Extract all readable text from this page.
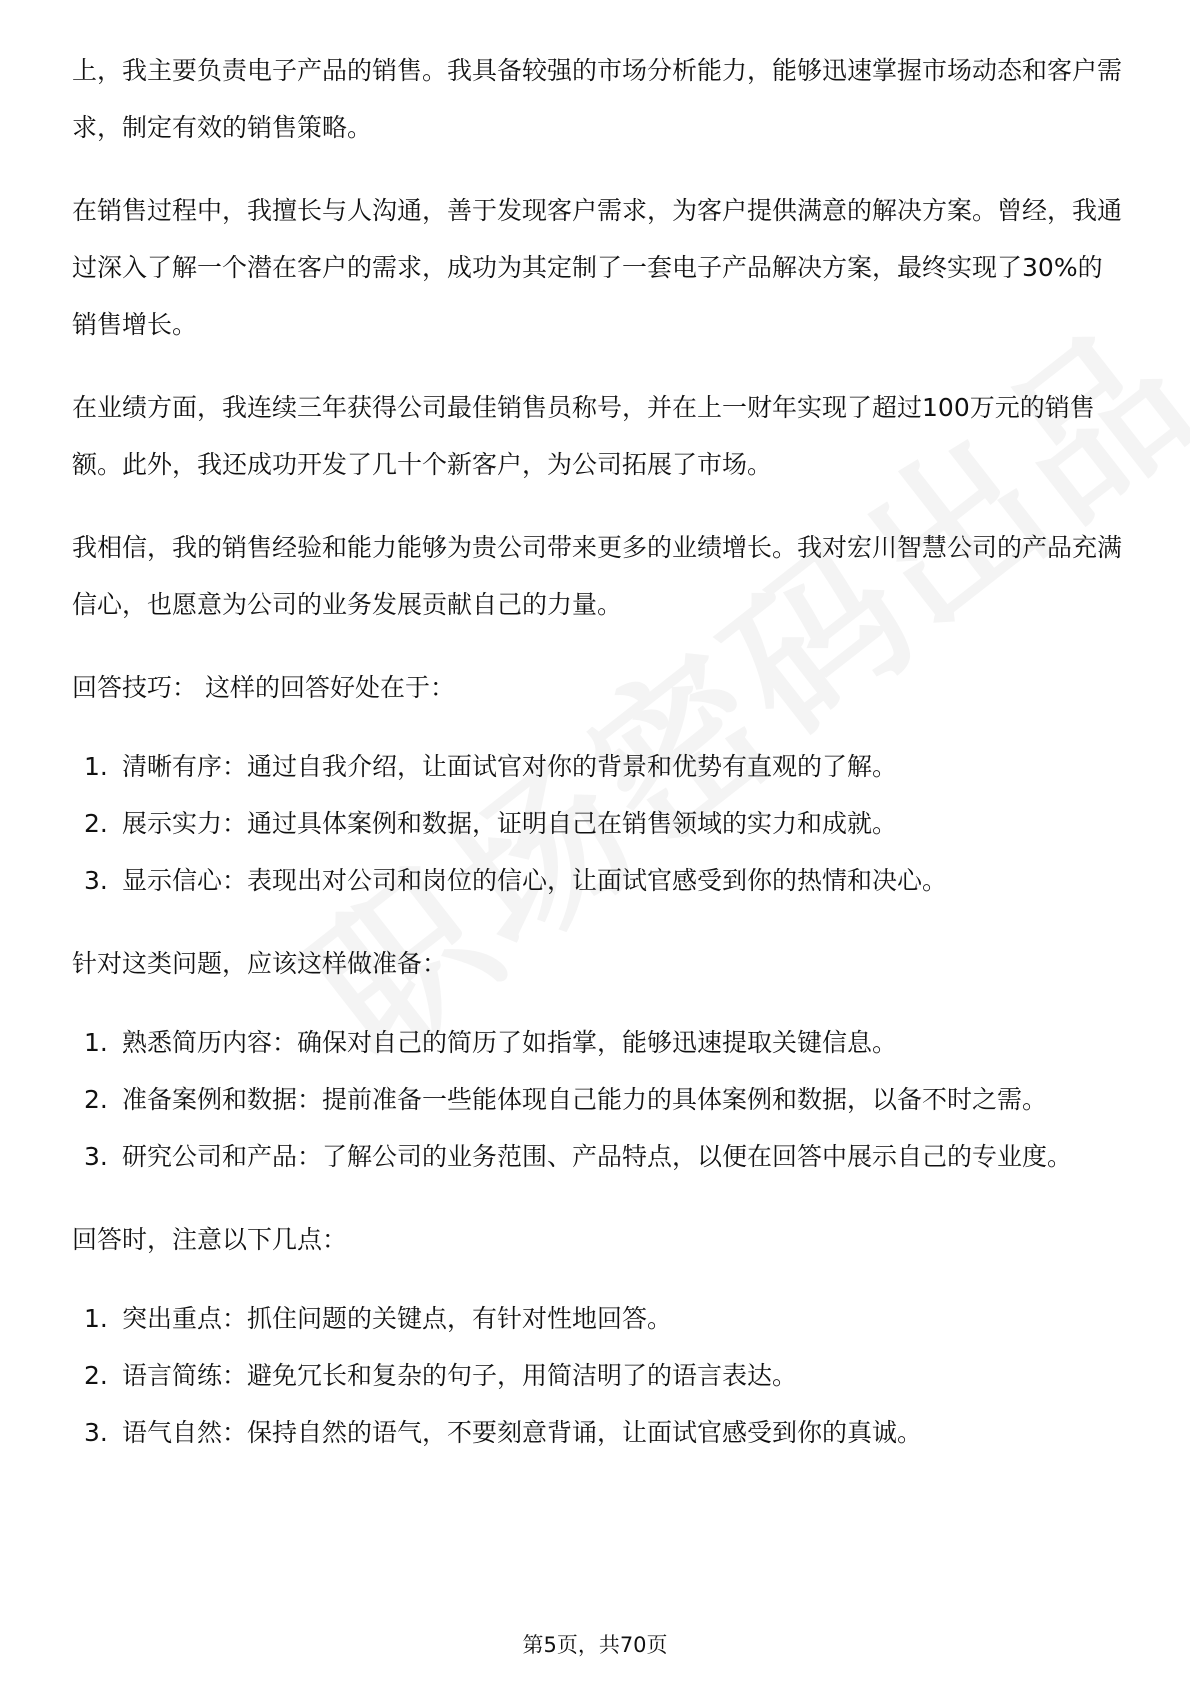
上，我主要负责电子产品的销售。我具备较强的市场分析能力，能够迅速掌握市场动态和客户需求，制定有效的销售策略。

在销售过程中，我擅长与人沟通，善于发现客户需求，为客户提供满意的解决方案。曾经，我通过深入了解一个潜在客户的需求，成功为其定制了一套电子产品解决方案，最终实现了30%的销售增长。

在业绩方面，我连续三年获得公司最佳销售员称号，并在上一财年实现了超过100万元的销售额。此外，我还成功开发了几十个新客户，为公司拓展了市场。

我相信，我的销售经验和能力能够为贵公司带来更多的业绩增长。我对宏川智慧公司的产品充满信心，也愿意为公司的业务发展贡献自己的力量。

回答技巧： 这样的回答好处在于：

1. 清晰有序：通过自我介绍，让面试官对你的背景和优势有直观的了解。
2. 展示实力：通过具体案例和数据，证明自己在销售领域的实力和成就。
3. 显示信心：表现出对公司和岗位的信心，让面试官感受到你的热情和决心。

针对这类问题，应该这样做准备：

1. 熟悉简历内容：确保对自己的简历了如指掌，能够迅速提取关键信息。
2. 准备案例和数据：提前准备一些能体现自己能力的具体案例和数据，以备不时之需。
3. 研究公司和产品：了解公司的业务范围、产品特点，以便在回答中展示自己的专业度。

回答时，注意以下几点：

1. 突出重点：抓住问题的关键点，有针对性地回答。
2. 语言简练：避免冗长和复杂的句子，用简洁明了的语言表达。
3. 语气自然：保持自然的语气，不要刻意背诵，让面试官感受到你的真诚。
第5页，共70页
